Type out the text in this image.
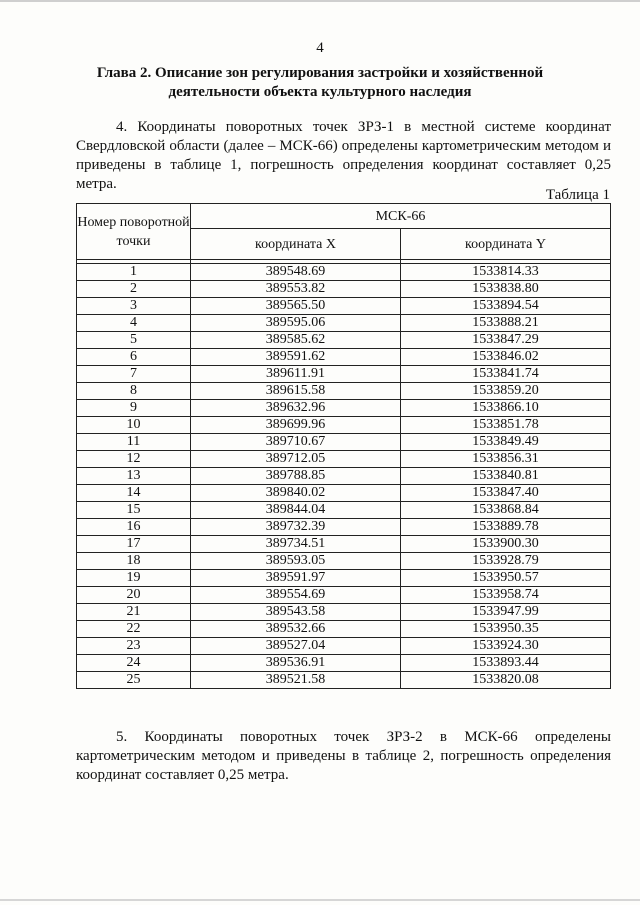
4
Глава 2. Описание зон регулирования застройки и хозяйственной деятельности объекта культурного наследия
4. Координаты поворотных точек ЗРЗ-1 в местной системе координат Свердловской области (далее – МСК-66) определены картометрическим методом и приведены в таблице 1, погрешность определения координат составляет 0,25 метра.
Таблица 1
Номер поворотной точки	МСК-66	
	координата X	координата Y

1	389548.69	1533814.33
2	389553.82	1533838.80
3	389565.50	1533894.54
4	389595.06	1533888.21
5	389585.62	1533847.29
6	389591.62	1533846.02
7	389611.91	1533841.74
8	389615.58	1533859.20
9	389632.96	1533866.10
10	389699.96	1533851.78
11	389710.67	1533849.49
12	389712.05	1533856.31
13	389788.85	1533840.81
14	389840.02	1533847.40
15	389844.04	1533868.84
16	389732.39	1533889.78
17	389734.51	1533900.30
18	389593.05	1533928.79
19	389591.97	1533950.57
20	389554.69	1533958.74
21	389543.58	1533947.99
22	389532.66	1533950.35
23	389527.04	1533924.30
24	389536.91	1533893.44
25	389521.58	1533820.08
5. Координаты поворотных точек ЗРЗ-2 в МСК-66 определены картометрическим методом и приведены в таблице 2, погрешность определения координат составляет 0,25 метра.
